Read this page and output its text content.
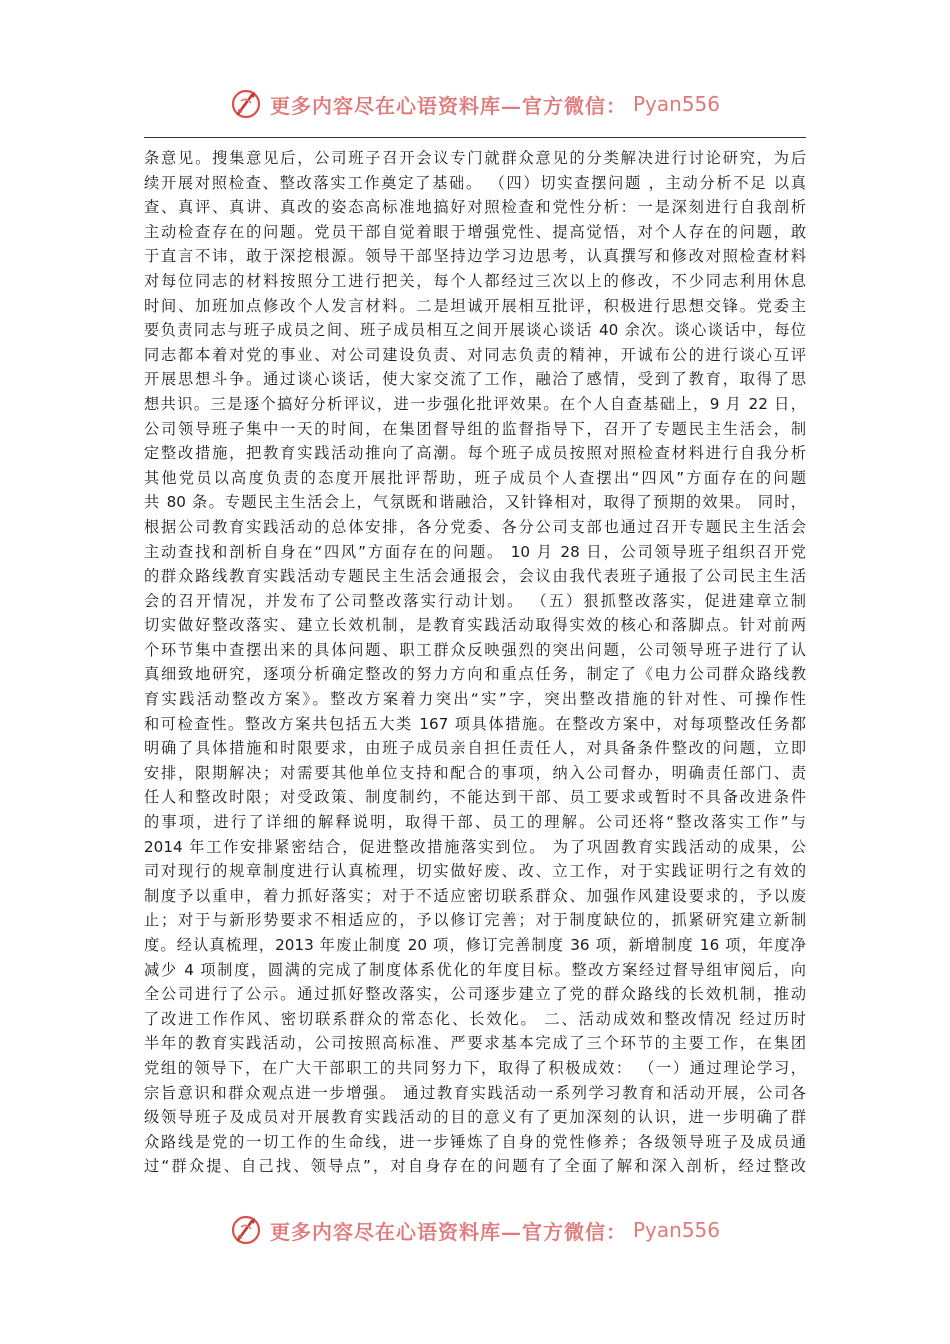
更多内容尽在心语资料库—官方微信： Pyan556
条意见。搜集意见后，公司班子召开会议专门就群众意见的分类解决进行讨论研究，为后
续开展对照检查、整改落实工作奠定了基础。 （四）切实查摆问题 ，主动分析不足 以真
查、真评、真讲、真改的姿态高标准地搞好对照检查和党性分析：一是深刻进行自我剖析
主动检查存在的问题。党员干部自觉着眼于增强党性、提高觉悟，对个人存在的问题，敢
于直言不讳，敢于深挖根源。领导干部坚持边学习边思考，认真撰写和修改对照检查材料
对每位同志的材料按照分工进行把关，每个人都经过三次以上的修改，不少同志利用休息
时间、加班加点修改个人发言材料。二是坦诚开展相互批评，积极进行思想交锋。党委主
要负责同志与班子成员之间、班子成员相互之间开展谈心谈话 40 余次。谈心谈话中，每位
同志都本着对党的事业、对公司建设负责、对同志负责的精神，开诚布公的进行谈心互评
开展思想斗争。通过谈心谈话，使大家交流了工作，融洽了感情，受到了教育，取得了思
想共识。三是逐个搞好分析评议，进一步强化批评效果。在个人自查基础上，9 月 22 日，
公司领导班子集中一天的时间，在集团督导组的监督指导下，召开了专题民主生活会，制
定整改措施，把教育实践活动推向了高潮。每个班子成员按照对照检查材料进行自我分析
其他党员以高度负责的态度开展批评帮助，班子成员个人查摆出“四风”方面存在的问题
共 80 条。专题民主生活会上，气氛既和谐融洽，又针锋相对，取得了预期的效果。 同时，
根据公司教育实践活动的总体安排，各分党委、各分公司支部也通过召开专题民主生活会
主动查找和剖析自身在“四风”方面存在的问题。 10 月 28 日，公司领导班子组织召开党
的群众路线教育实践活动专题民主生活会通报会，会议由我代表班子通报了公司民主生活
会的召开情况，并发布了公司整改落实行动计划。 （五）狠抓整改落实，促进建章立制
切实做好整改落实、建立长效机制，是教育实践活动取得实效的核心和落脚点。针对前两
个环节集中查摆出来的具体问题、职工群众反映强烈的突出问题，公司领导班子进行了认
真细致地研究，逐项分析确定整改的努力方向和重点任务，制定了《电力公司群众路线教
育实践活动整改方案》。整改方案着力突出“实”字，突出整改措施的针对性、可操作性
和可检查性。整改方案共包括五大类 167 项具体措施。在整改方案中，对每项整改任务都
明确了具体措施和时限要求，由班子成员亲自担任责任人，对具备条件整改的问题，立即
安排，限期解决；对需要其他单位支持和配合的事项，纳入公司督办，明确责任部门、责
任人和整改时限；对受政策、制度制约，不能达到干部、员工要求或暂时不具备改进条件
的事项，进行了详细的解释说明，取得干部、员工的理解。公司还将“整改落实工作”与
2014 年工作安排紧密结合，促进整改措施落实到位。 为了巩固教育实践活动的成果，公
司对现行的规章制度进行认真梳理，切实做好废、改、立工作，对于实践证明行之有效的
制度予以重申，着力抓好落实；对于不适应密切联系群众、加强作风建设要求的，予以废
止；对于与新形势要求不相适应的，予以修订完善；对于制度缺位的，抓紧研究建立新制
度。经认真梳理，2013 年废止制度 20 项，修订完善制度 36 项，新增制度 16 项，年度净
减少 4 项制度，圆满的完成了制度体系优化的年度目标。整改方案经过督导组审阅后，向
全公司进行了公示。通过抓好整改落实，公司逐步建立了党的群众路线的长效机制，推动
了改进工作作风、密切联系群众的常态化、长效化。 二、活动成效和整改情况 经过历时
半年的教育实践活动，公司按照高标准、严要求基本完成了三个环节的主要工作，在集团
党组的领导下，在广大干部职工的共同努力下，取得了积极成效： （一）通过理论学习，
宗旨意识和群众观点进一步增强。 通过教育实践活动一系列学习教育和活动开展，公司各
级领导班子及成员对开展教育实践活动的目的意义有了更加深刻的认识，进一步明确了群
众路线是党的一切工作的生命线，进一步锤炼了自身的党性修养；各级领导班子及成员通
过“群众提、自己找、领导点”，对自身存在的问题有了全面了解和深入剖析，经过整改
更多内容尽在心语资料库—官方微信： Pyan556
